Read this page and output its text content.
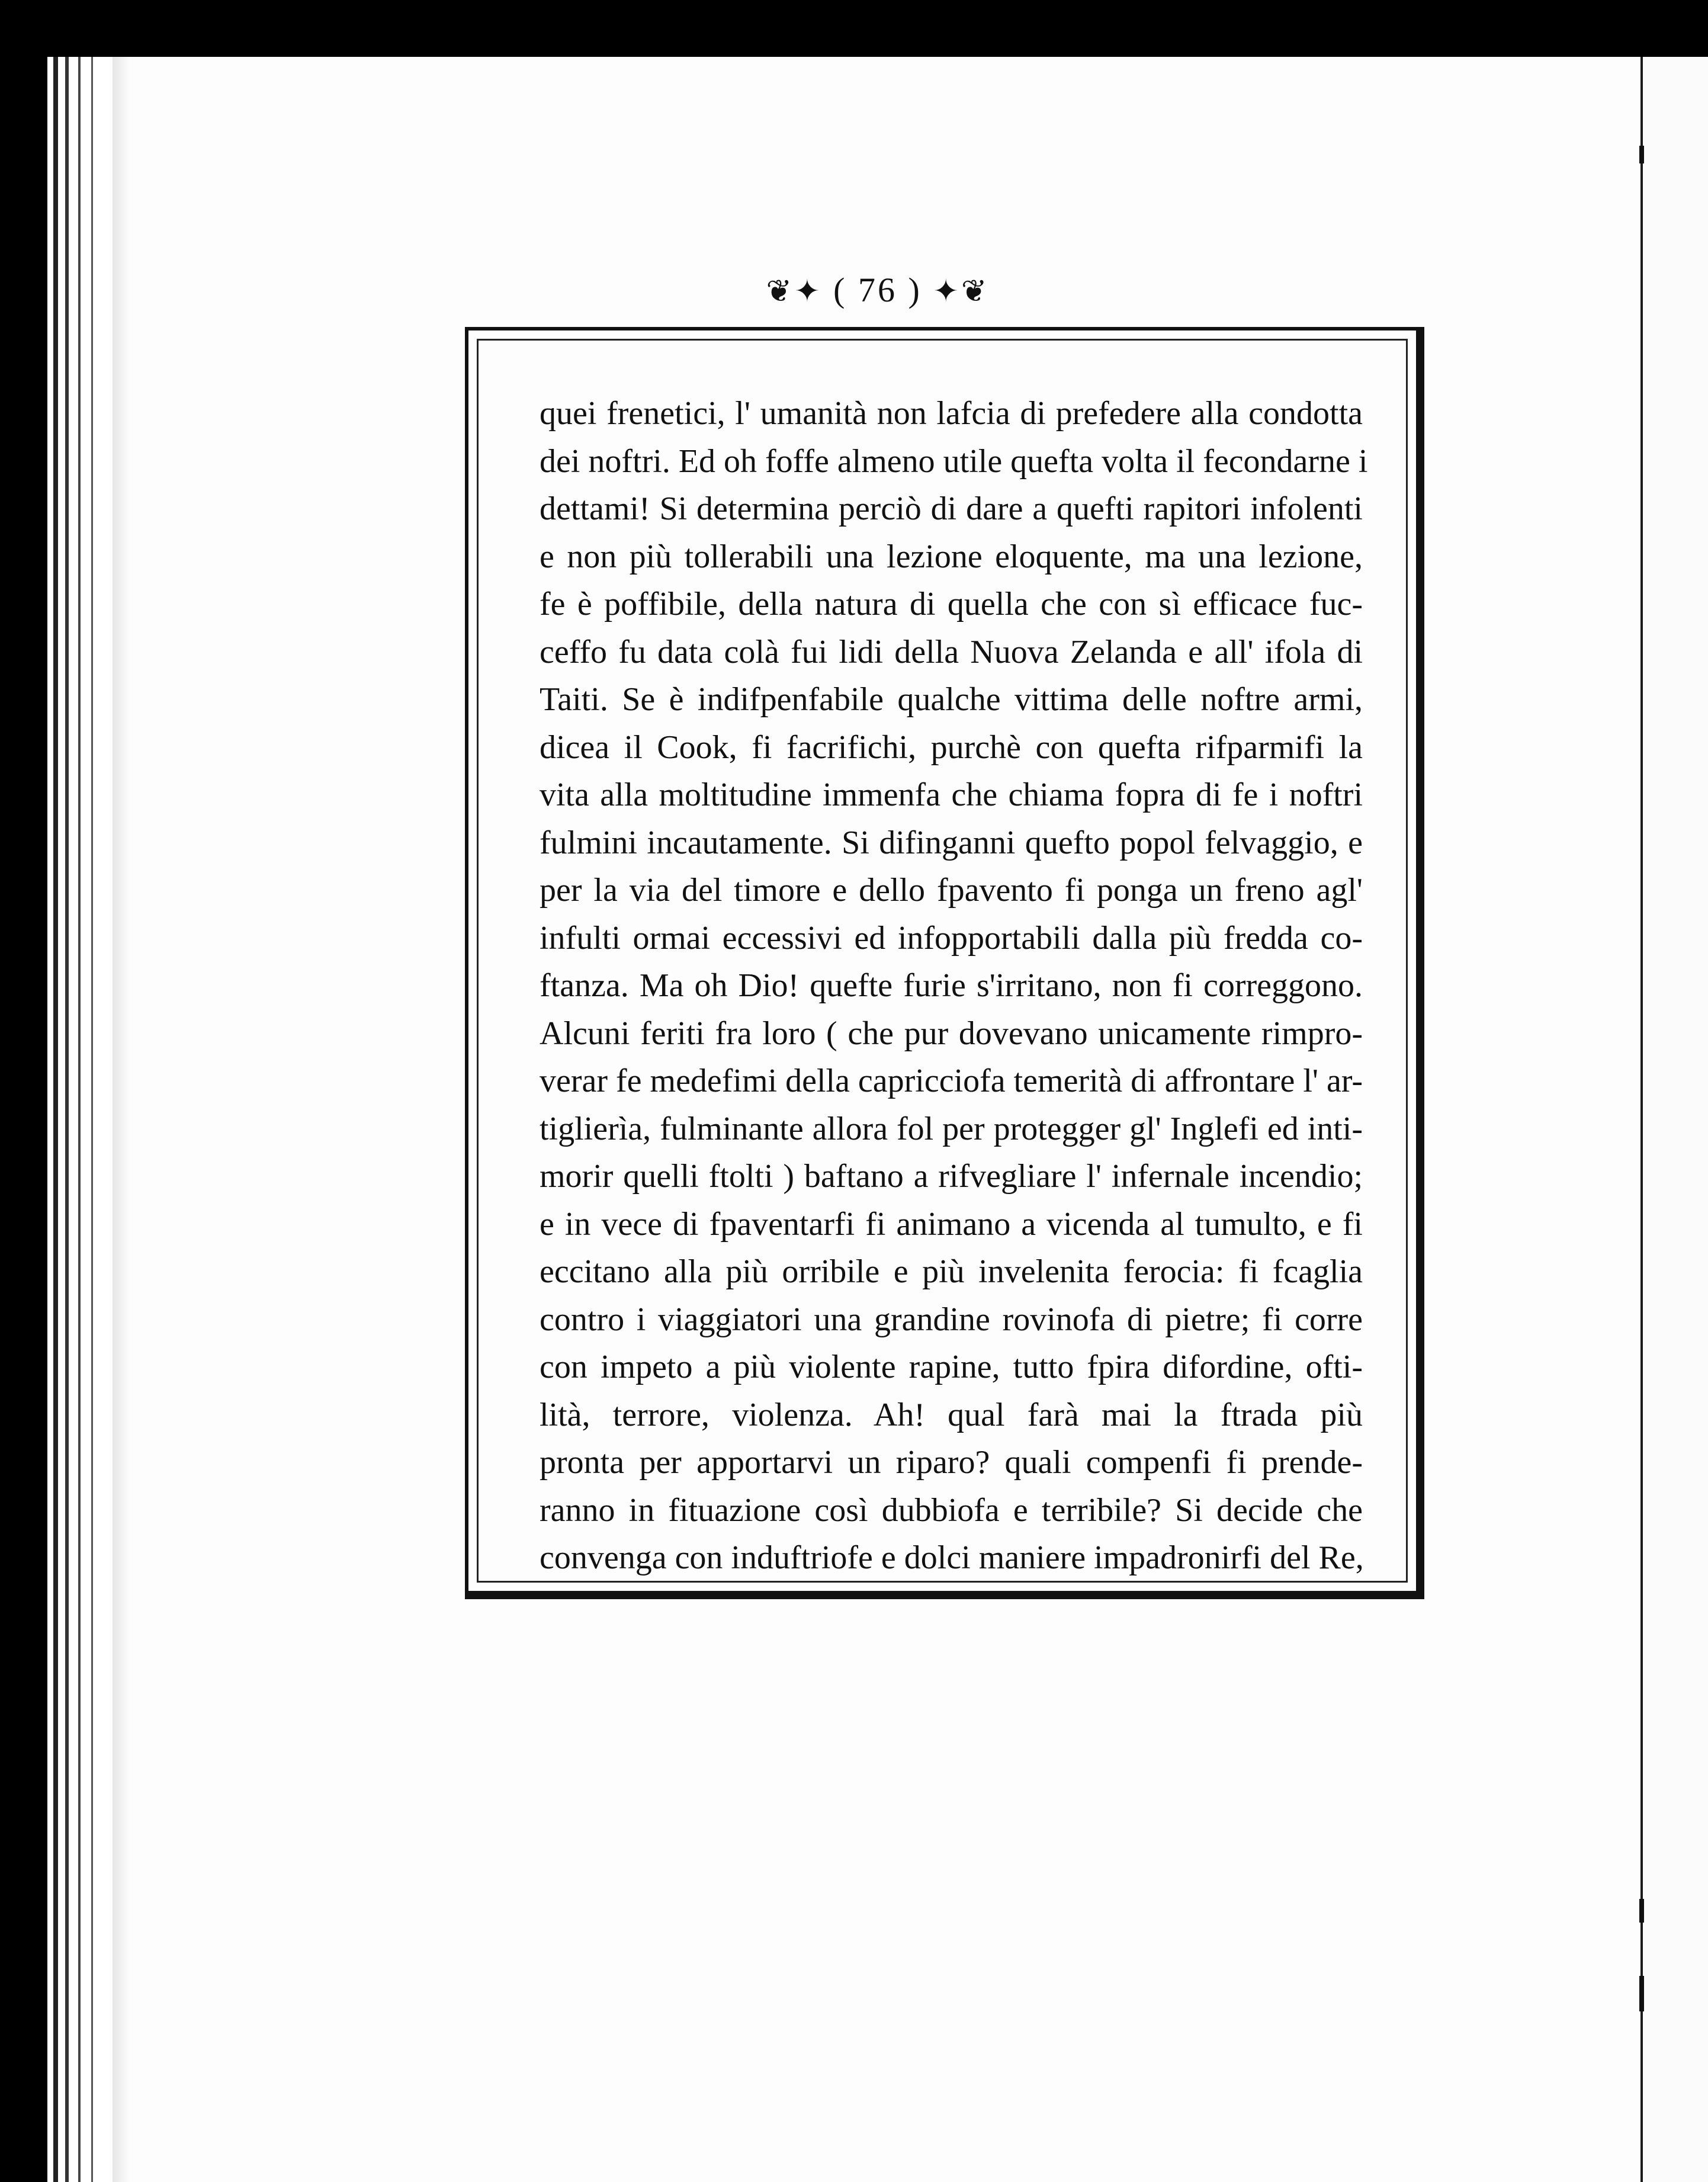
❦✦ ( 76 ) ✦❦
quei frenetici, l' umanità non lafcia di prefedere alla condotta
dei noftri. Ed oh foffe almeno utile quefta volta il fecondarne i
dettami! Si determina perciò di dare a quefti rapitori infolenti
e non più tollerabili una lezione eloquente, ma una lezione,
fe è poffibile, della natura di quella che con sì efficace fuc-
ceffo fu data colà fui lidi della Nuova Zelanda e all' ifola di
Taiti. Se è indifpenfabile qualche vittima delle noftre armi,
dicea il Cook, fi facrifichi, purchè con quefta rifparmifi la
vita alla moltitudine immenfa che chiama fopra di fe i noftri
fulmini incautamente. Si difinganni quefto popol felvaggio, e
per la via del timore e dello fpavento fi ponga un freno agl'
infulti ormai eccessivi ed infopportabili dalla più fredda co-
ftanza. Ma oh Dio! quefte furie s'irritano, non fi correggono.
Alcuni feriti fra loro ( che pur dovevano unicamente rimpro-
verar fe medefimi della capricciofa temerità di affrontare l' ar-
tiglierìa, fulminante allora fol per protegger gl' Inglefi ed inti-
morir quelli ftolti ) baftano a rifvegliare l' infernale incendio;
e in vece di fpaventarfi fi animano a vicenda al tumulto, e fi
eccitano alla più orribile e più invelenita ferocia: fi fcaglia
contro i viaggiatori una grandine rovinofa di pietre; fi corre
con impeto a più violente rapine, tutto fpira difordine, ofti-
lità, terrore, violenza. Ah! qual farà mai la ftrada più
pronta per apportarvi un riparo? quali compenfi fi prende-
ranno in fituazione così dubbiofa e terribile? Si decide che
convenga con induftriofe e dolci maniere impadronirfi del Re,
